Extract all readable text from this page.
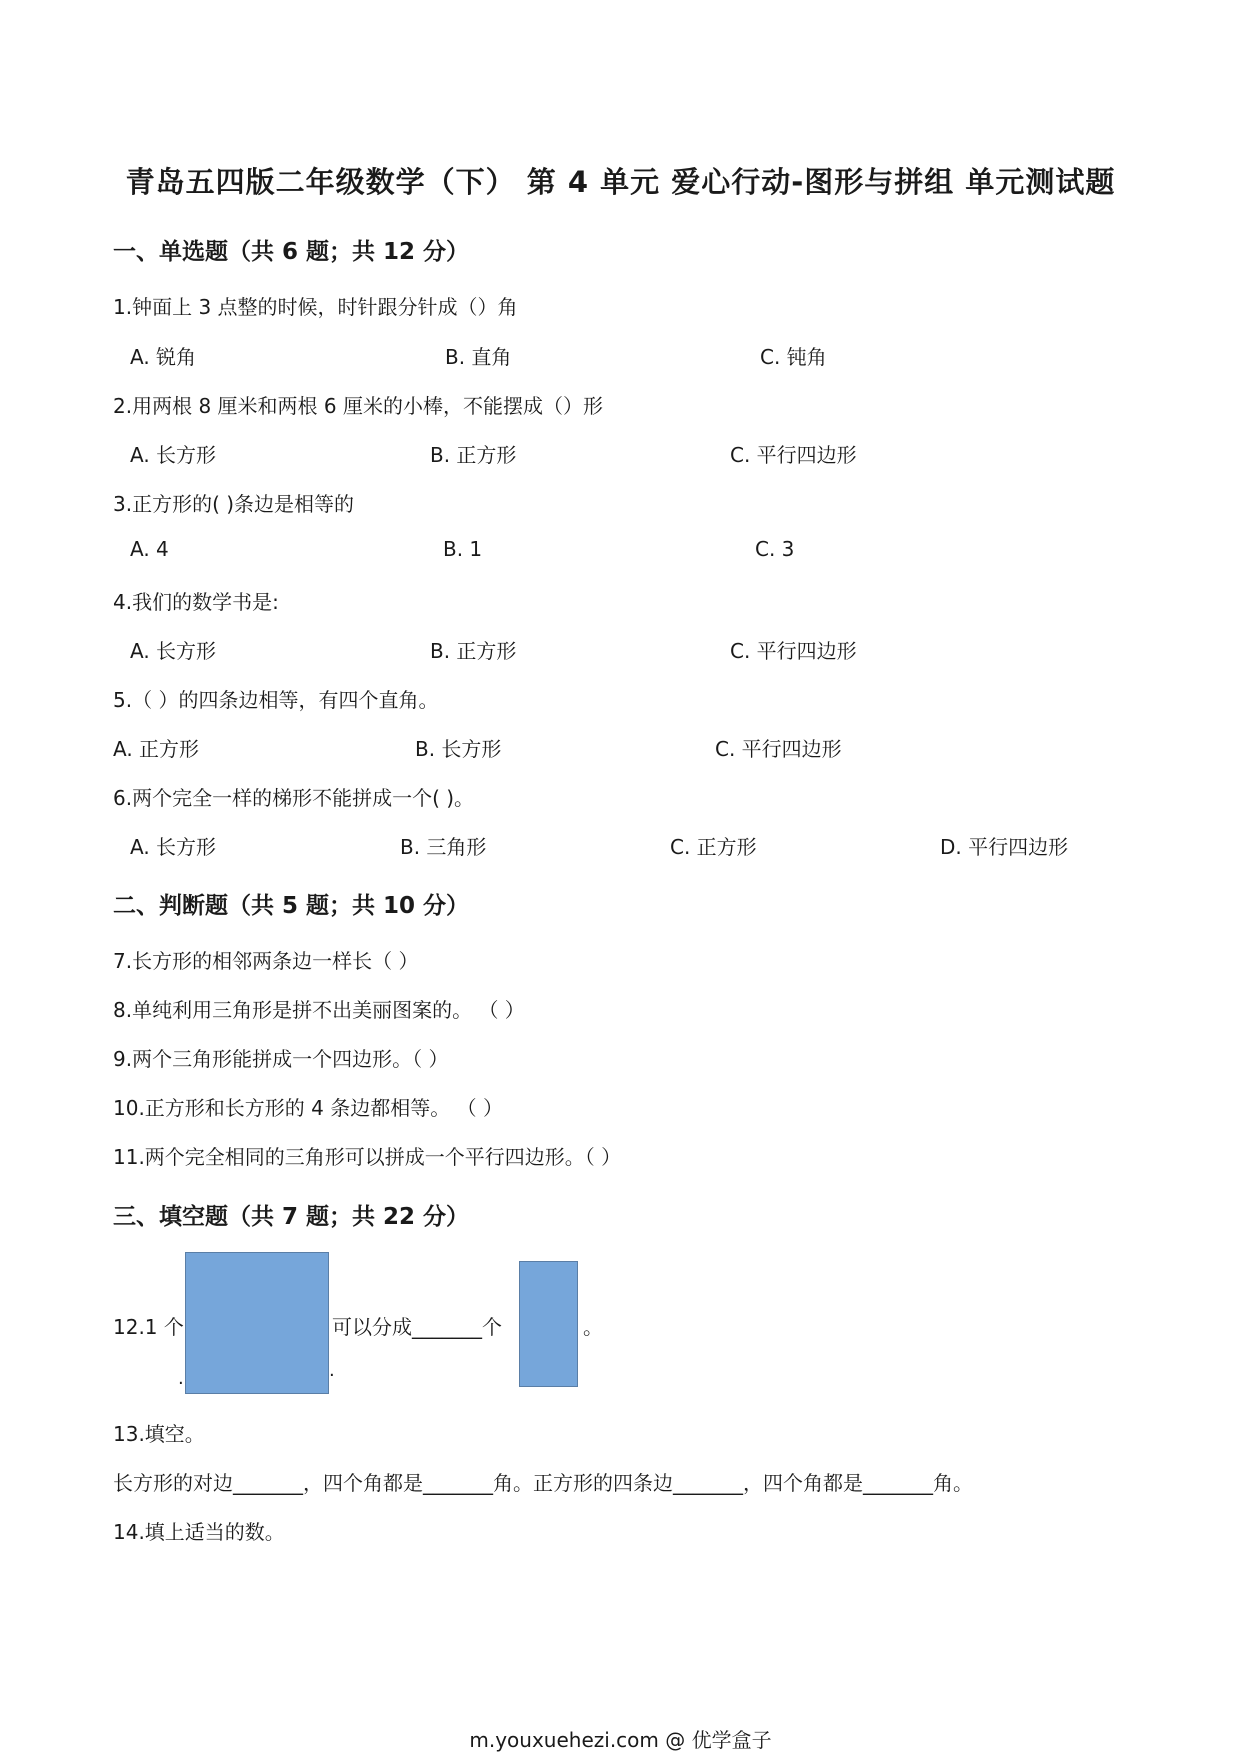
青岛五四版二年级数学（下） 第 4 单元 爱心行动-图形与拼组 单元测试题
一、单选题（共 6 题；共 12 分）
1.钟面上 3 点整的时候，时针跟分针成（）角
A. 锐角	B. 直角	C. 钝角
2.用两根 8 厘米和两根 6 厘米的小棒，不能摆成（）形
A. 长方形	B. 正方形	C. 平行四边形
3.正方形的( )条边是相等的
A. 4	B. 1	C. 3
4.我们的数学书是:
A. 长方形	B. 正方形	C. 平行四边形
5.（ ）的四条边相等，有四个直角。
A. 正方形	B. 长方形	C. 平行四边形
6.两个完全一样的梯形不能拼成一个( )。
A. 长方形	B. 三角形	C. 正方形	D. 平行四边形
二、判断题（共 5 题；共 10 分）
7.长方形的相邻两条边一样长（ ）
8.单纯利用三角形是拼不出美丽图案的。 （ ）
9.两个三角形能拼成一个四边形。（ ）
10.正方形和长方形的 4 条边都相等。 （ ）
11.两个完全相同的三角形可以拼成一个平行四边形。（ ）
三、填空题（共 7 题；共 22 分）
12.1 个
.	.
可以分成_______个	。
13.填空。
长方形的对边_______，四个角都是_______角。正方形的四条边_______，四个角都是_______角。
14.填上适当的数。
m.youxuehezi.com @ 优学盒子
